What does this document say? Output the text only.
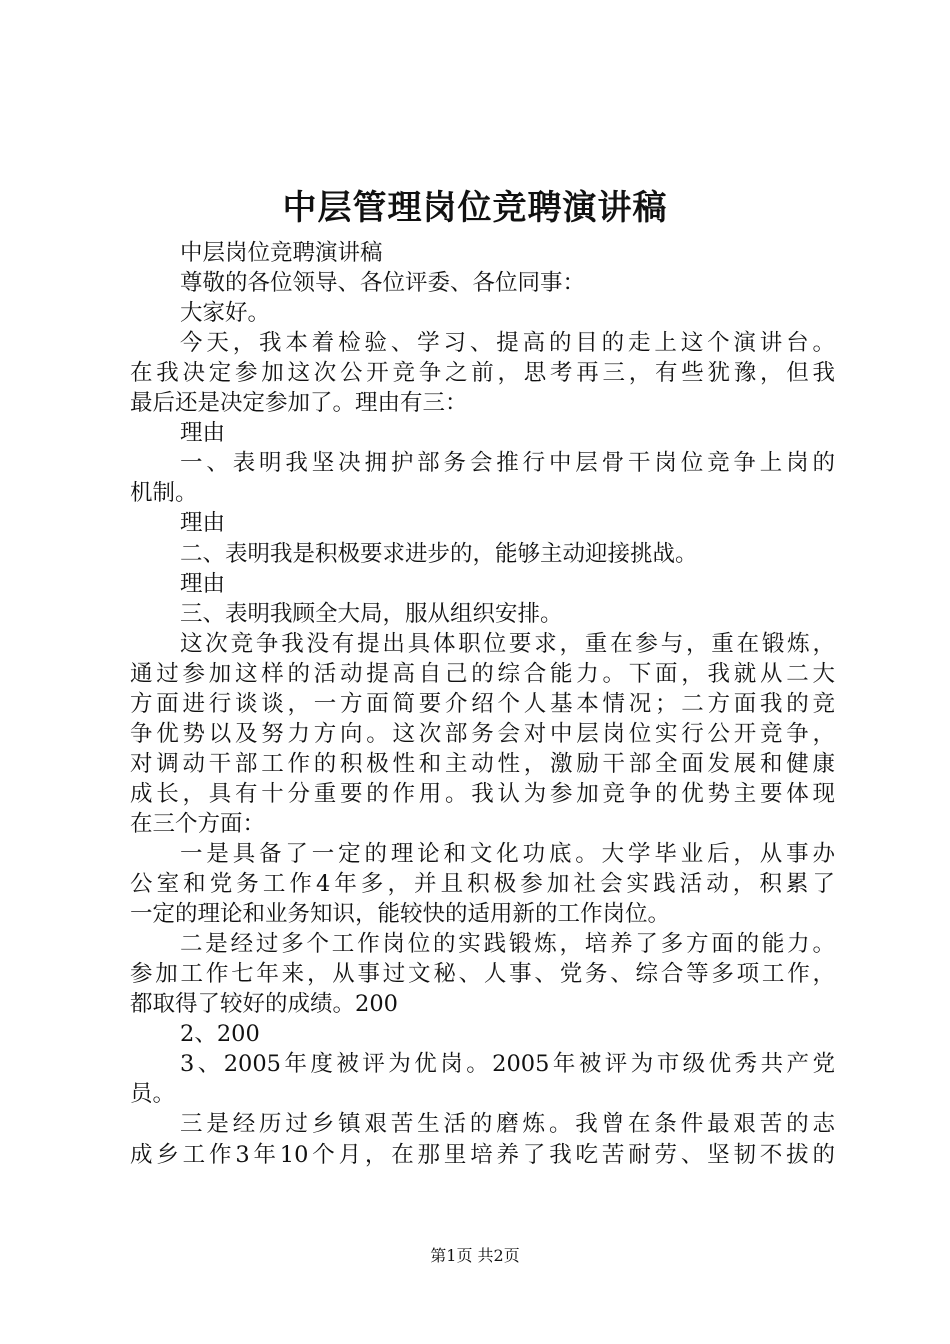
中层管理岗位竞聘演讲稿
中层岗位竞聘演讲稿
尊敬的各位领导、各位评委、各位同事：
大家好。
今天，我本着检验、学习、提高的目的走上这个演讲台。
在我决定参加这次公开竞争之前，思考再三，有些犹豫，但我
最后还是决定参加了。理由有三：
理由
一、表明我坚决拥护部务会推行中层骨干岗位竞争上岗的
机制。
理由
二、表明我是积极要求进步的，能够主动迎接挑战。
理由
三、表明我顾全大局，服从组织安排。
这次竞争我没有提出具体职位要求，重在参与，重在锻炼，
通过参加这样的活动提高自己的综合能力。下面，我就从二大
方面进行谈谈，一方面简要介绍个人基本情况；二方面我的竞
争优势以及努力方向。这次部务会对中层岗位实行公开竞争，
对调动干部工作的积极性和主动性，激励干部全面发展和健康
成长，具有十分重要的作用。我认为参加竞争的优势主要体现
在三个方面：
一是具备了一定的理论和文化功底。大学毕业后，从事办
公室和党务工作4年多，并且积极参加社会实践活动，积累了
一定的理论和业务知识，能较快的适用新的工作岗位。
二是经过多个工作岗位的实践锻炼，培养了多方面的能力。
参加工作七年来，从事过文秘、人事、党务、综合等多项工作，
都取得了较好的成绩。200
2、200
3、2005年度被评为优岗。2005年被评为市级优秀共产党
员。
三是经历过乡镇艰苦生活的磨炼。我曾在条件最艰苦的志
成乡工作3年10个月，在那里培养了我吃苦耐劳、坚韧不拔的
第1页 共2页
